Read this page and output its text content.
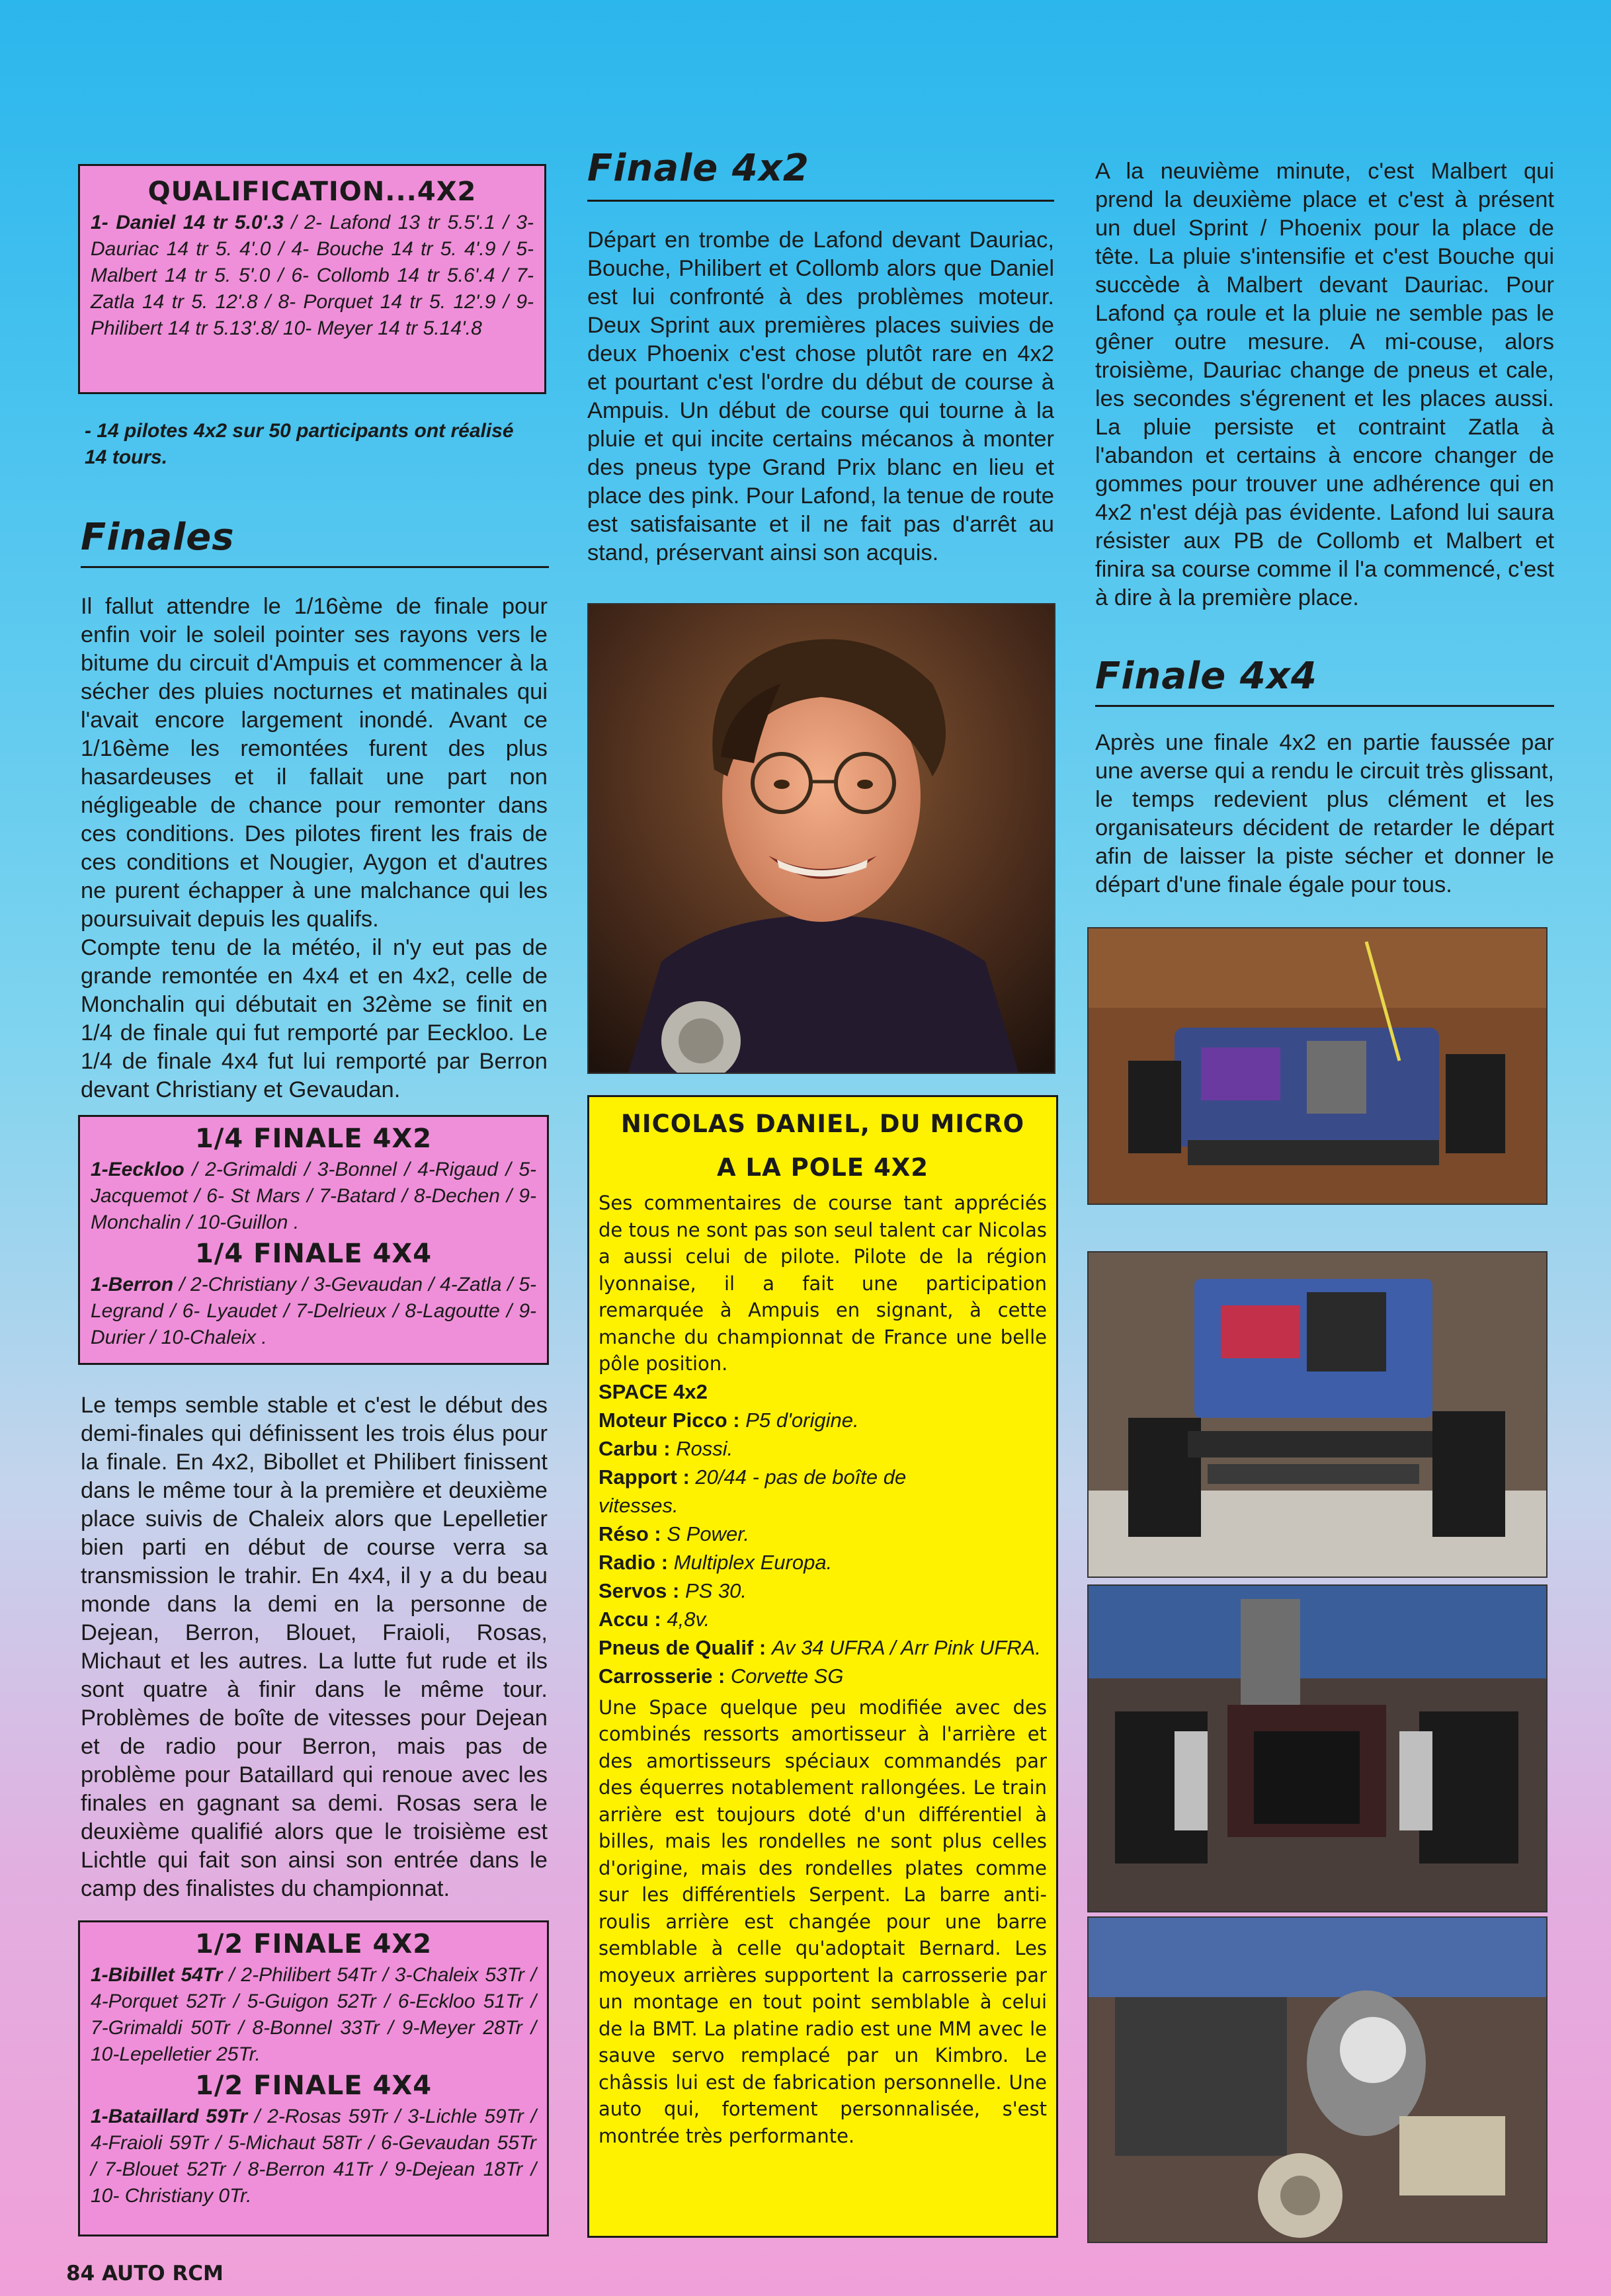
QUALIFICATION...4X2

1- Daniel 14 tr 5.0'.3 / 2- Lafond 13 tr 5.5'.1 / 3- Dauriac 14 tr 5. 4'.0 / 4- Bouche 14 tr 5. 4'.9 / 5- Malbert 14 tr 5. 5'.0 / 6- Collomb 14 tr 5.6'.4 / 7- Zatla 14 tr 5. 12'.8 / 8- Porquet 14 tr 5. 12'.9 / 9- Philibert 14 tr 5.13'.8/ 10- Meyer 14 tr 5.14'.8

- 14 pilotes 4x2 sur 50 participants ont réalisé 14 tours.

Finales

Il fallut attendre le 1/16ème de finale pour enfin voir le soleil pointer ses rayons vers le bitume du circuit d'Ampuis et commencer à la sécher des pluies nocturnes et matinales qui l'avait encore largement inondé. Avant ce 1/16ème les remontées furent des plus hasardeuses et il fallait une part non négligeable de chance pour remonter dans ces conditions. Des pilotes firent les frais de ces conditions et Nougier, Aygon et d'autres ne purent échapper à une malchance qui les poursuivait depuis les qualifs.

Compte tenu de la météo, il n'y eut pas de grande remontée en 4x4 et en 4x2, celle de Monchalin qui débutait en 32ème se finit en 1/4 de finale qui fut remporté par Eeckloo. Le 1/4 de finale 4x4 fut lui remporté par Berron devant Christiany et Gevaudan.

1/4 FINALE 4X2

1-Eeckloo / 2-Grimaldi / 3-Bonnel / 4-Rigaud / 5-Jacquemot / 6- St Mars / 7-Batard / 8-Dechen / 9-Monchalin / 10-Guillon .

1/4 FINALE 4X4

1-Berron / 2-Christiany / 3-Gevaudan / 4-Zatla / 5-Legrand / 6- Lyaudet / 7-Delrieux / 8-Lagoutte / 9-Durier / 10-Chaleix .

Le temps semble stable et c'est le début des demi-finales qui définissent les trois élus pour la finale. En 4x2, Bibollet et Philibert finissent dans le même tour à la première et deuxième place suivis de Chaleix alors que Lepelletier bien parti en début de course verra sa transmission le trahir. En 4x4, il y a du beau monde dans la demi en la personne de Dejean, Berron, Blouet, Fraioli, Rosas, Michaut et les autres. La lutte fut rude et ils sont quatre à finir dans le même tour. Problèmes de boîte de vitesses pour Dejean et de radio pour Berron, mais pas de problème pour Bataillard qui renoue avec les finales en gagnant sa demi. Rosas sera le deuxième qualifié alors que le troisième est Lichtle qui fait son ainsi son entrée dans le camp des finalistes du championnat.

1/2 FINALE 4X2

1-Bibillet 54Tr / 2-Philibert 54Tr / 3-Chaleix 53Tr / 4-Porquet 52Tr / 5-Guigon 52Tr / 6-Eckloo 51Tr / 7-Grimaldi 50Tr / 8-Bonnel 33Tr / 9-Meyer 28Tr / 10-Lepelletier 25Tr.

1/2 FINALE 4X4

1-Bataillard 59Tr / 2-Rosas 59Tr / 3-Lichle 59Tr / 4-Fraioli 59Tr / 5-Michaut 58Tr / 6-Gevaudan 55Tr / 7-Blouet 52Tr / 8-Berron 41Tr / 9-Dejean 18Tr / 10- Christiany 0Tr.

84 AUTO RCM
Finale 4x2

Départ en trombe de Lafond devant Dauriac, Bouche, Philibert et Collomb alors que Daniel est lui confronté à des problèmes moteur. Deux Sprint aux premières places suivies de deux Phoenix c'est chose plutôt rare en 4x2 et pourtant c'est l'ordre du début de course à Ampuis. Un début de course qui tourne à la pluie et qui incite certains mécanos à monter des pneus type Grand Prix blanc en lieu et place des pink. Pour Lafond, la tenue de route est satisfaisante et il ne fait pas d'arrêt au stand, préservant ainsi son acquis.

NICOLAS DANIEL, DU MICRO
A LA POLE 4X2

Ses commentaires de course tant appréciés de tous ne sont pas son seul talent car Nicolas a aussi celui de pilote. Pilote de la région lyonnaise, il a fait une participation remarquée à Ampuis en signant, à cette manche du championnat de France une belle pôle position.

SPACE 4x2
Moteur Picco : P5 d'origine.
Carbu : Rossi.
Rapport : 20/44 - pas de boîte de vitesses.
Réso : S Power.
Radio : Multiplex Europa.
Servos : PS 30.
Accu : 4,8v.
Pneus de Qualif : Av 34 UFRA / Arr Pink UFRA.
Carrosserie : Corvette SG

Une Space quelque peu modifiée avec des combinés ressorts amortisseur à l'arrière et des amortisseurs spéciaux commandés par des équerres notablement rallongées. Le train arrière est toujours doté d'un différentiel à billes, mais les rondelles ne sont plus celles d'origine, mais des rondelles plates comme sur les différentiels Serpent. La barre anti-roulis arrière est changée pour une barre semblable à celle qu'adoptait Bernard. Les moyeux arrières supportent la carrosserie par un montage en tout point semblable à celui de la BMT. La platine radio est une MM avec le sauve servo remplacé par un Kimbro. Le châssis lui est de fabrication personnelle. Une auto qui, fortement personnalisée, s'est montrée très performante.

A la neuvième minute, c'est Malbert qui prend la deuxième place et c'est à présent un duel Sprint / Phoenix pour la place de tête. La pluie s'intensifie et c'est Bouche qui succède à Malbert devant Dauriac. Pour Lafond ça roule et la pluie ne semble pas le gêner outre mesure. A mi-couse, alors troisième, Dauriac change de pneus et cale, les secondes s'égrenent et les places aussi. La pluie persiste et contraint Zatla à l'abandon et certains à encore changer de gommes pour trouver une adhérence qui en 4x2 n'est déjà pas évidente. Lafond lui saura résister aux PB de Collomb et Malbert et finira sa course comme il l'a commencé, c'est à dire à la première place.

Finale 4x4

Après une finale 4x2 en partie faussée par une averse qui a rendu le circuit très glissant, le temps redevient plus clément et les organisateurs décident de retarder le départ afin de laisser la piste sécher et donner le départ d'une finale égale pour tous.
